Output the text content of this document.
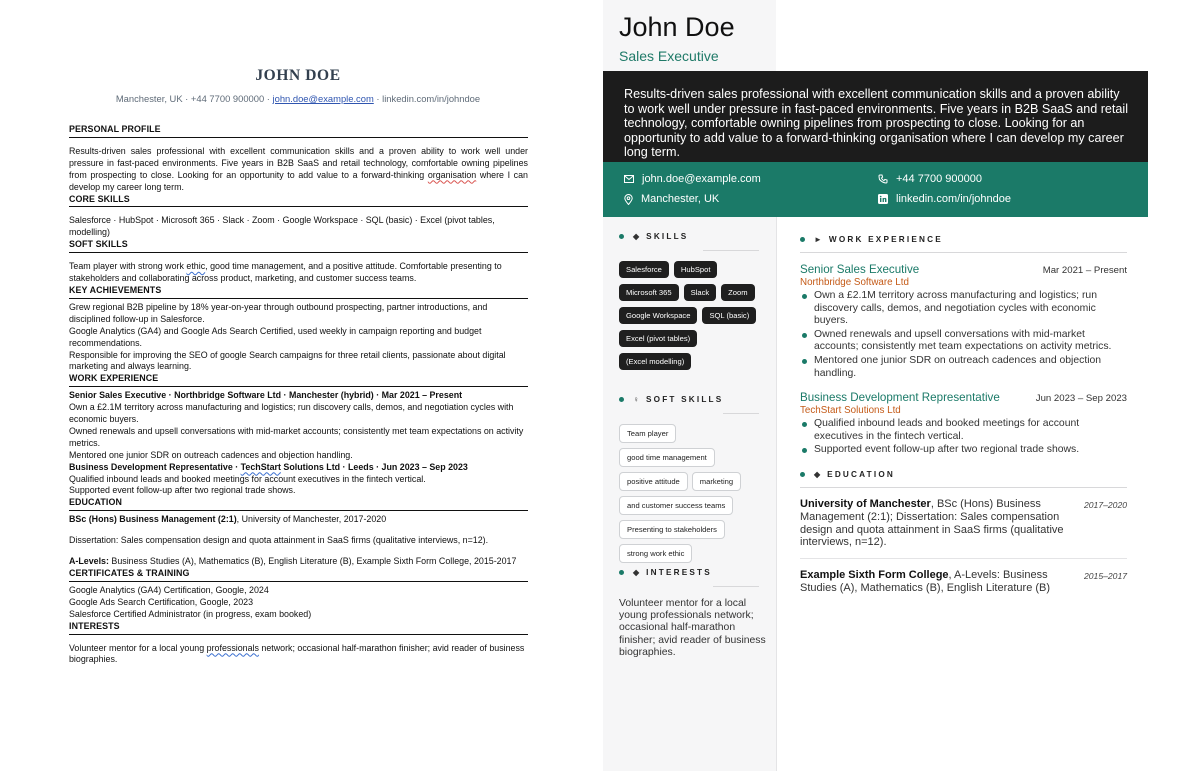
JOHN DOE
Manchester, UK · +44 7700 900000 · john.doe@example.com · linkedin.com/in/johndoe
PERSONAL PROFILE
Results-driven sales professional with excellent communication skills and a proven ability to work well under pressure in fast-paced environments. Five years in B2B SaaS and retail technology, comfortable owning pipelines from prospecting to close. Looking for an opportunity to add value to a forward-thinking organisation where I can develop my career long term.
CORE SKILLS
Salesforce · HubSpot · Microsoft 365 · Slack · Zoom · Google Workspace · SQL (basic) · Excel (pivot tables, modelling)
SOFT SKILLS
Team player with strong work ethic, good time management, and a positive attitude. Comfortable presenting to stakeholders and collaborating across product, marketing, and customer success teams.
KEY ACHIEVEMENTS
Grew regional B2B pipeline by 18% year-on-year through outbound prospecting, partner introductions, and disciplined follow-up in Salesforce.
Google Analytics (GA4) and Google Ads Search Certified, used weekly in campaign reporting and budget recommendations.
Responsible for improving the SEO of google Search campaigns for three retail clients, passionate about digital marketing and always learning.
WORK EXPERIENCE
Senior Sales Executive · Northbridge Software Ltd · Manchester (hybrid) · Mar 2021 – Present
Own a £2.1M territory across manufacturing and logistics; run discovery calls, demos, and negotiation cycles with economic buyers.
Owned renewals and upsell conversations with mid-market accounts; consistently met team expectations on activity metrics.
Mentored one junior SDR on outreach cadences and objection handling.
Business Development Representative · TechStart Solutions Ltd · Leeds · Jun 2023 – Sep 2023
Qualified inbound leads and booked meetings for account executives in the fintech vertical.
Supported event follow-up after two regional trade shows.
EDUCATION
BSc (Hons) Business Management (2:1), University of Manchester, 2017-2020
Dissertation: Sales compensation design and quota attainment in SaaS firms (qualitative interviews, n=12).
A-Levels: Business Studies (A), Mathematics (B), English Literature (B), Example Sixth Form College, 2015-2017
CERTIFICATES & TRAINING
Google Analytics (GA4) Certification, Google, 2024
Google Ads Search Certification, Google, 2023
Salesforce Certified Administrator (in progress, exam booked)
INTERESTS
Volunteer mentor for a local young professionals network; occasional half-marathon finisher; avid reader of business biographies.
John Doe
Sales Executive
Results-driven sales professional with excellent communication skills and a proven ability to work well under pressure in fast-paced environments. Five years in B2B SaaS and retail technology, comfortable owning pipelines from prospecting to close. Looking for an opportunity to add value to a forward-thinking organisation where I can develop my career long term.
john.doe@example.com	+44 7700 900000
Manchester, UK	linkedin.com/in/johndoe
◆ SKILLS
Salesforce	HubSpot
Microsoft 365	Slack	Zoom
Google Workspace	SQL (basic)
Excel (pivot tables)
(Excel modelling)
♀ SOFT SKILLS
Team player
good time management
positive attitude	marketing
and customer success teams
Presenting to stakeholders
strong work ethic
◆ INTERESTS
Volunteer mentor for a local young professionals network; occasional half-marathon finisher; avid reader of business biographies.
► WORK EXPERIENCE
Senior Sales Executive	Mar 2021 – Present
Northbridge Software Ltd
Own a £2.1M territory across manufacturing and logistics; run discovery calls, demos, and negotiation cycles with economic buyers.
Owned renewals and upsell conversations with mid-market accounts; consistently met team expectations on activity metrics.
Mentored one junior SDR on outreach cadences and objection handling.
Business Development Representative	Jun 2023 – Sep 2023
TechStart Solutions Ltd
Qualified inbound leads and booked meetings for account executives in the fintech vertical.
Supported event follow-up after two regional trade shows.
◆ EDUCATION
University of Manchester, BSc (Hons) Business Management (2:1); Dissertation: Sales compensation design and quota attainment in SaaS firms (qualitative interviews, n=12).
2017–2020
Example Sixth Form College, A-Levels: Business Studies (A), Mathematics (B), English Literature (B)
2015–2017
